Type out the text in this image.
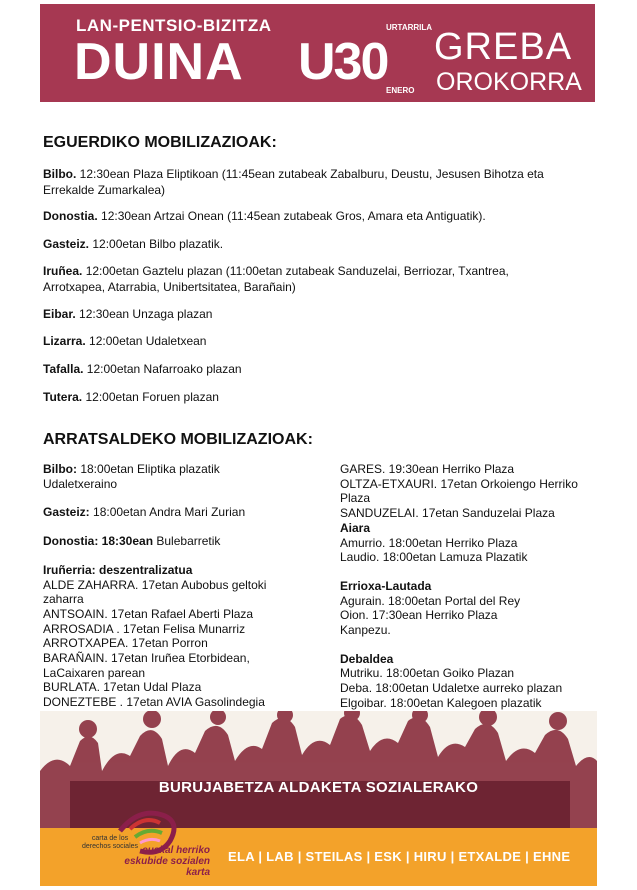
LAN-PENTSIO-BIZITZA
DUINA
URTARRILA
U30
ENERO
GREBA
OROKORRA
EGUERDIKO MOBILIZAZIOAK:
Bilbo. 12:30ean Plaza Eliptikoan (11:45ean zutabeak Zabalburu, Deustu, Jesusen Bihotza eta
Errekalde Zumarkalea)
Donostia. 12:30ean Artzai Onean (11:45ean zutabeak Gros, Amara eta Antiguatik).
Gasteiz. 12:00etan Bilbo plazatik.
Iruñea. 12:00etan Gaztelu plazan (11:00etan zutabeak Sanduzelai, Berriozar, Txantrea,
Arrotxapea, Atarrabia, Unibertsitatea, Barañain)
Eibar. 12:30ean Unzaga plazan
Lizarra. 12:00etan Udaletxean
Tafalla. 12:00etan Nafarroako plazan
Tutera. 12:00etan Foruen plazan
ARRATSALDEKO MOBILIZAZIOAK:
Bilbo: 18:00etan Eliptika plazatik
Udaletxeraino
Gasteiz: 18:00etan Andra Mari Zurian
Donostia: 18:30ean Bulebarretik
Iruñerria: deszentralizatua
ALDE ZAHARRA. 17etan Aubobus geltoki
zaharra
ANTSOAIN. 17etan Rafael Aberti Plaza
ARROSADIA . 17etan Felisa Munarriz
ARROTXAPEA. 17etan Porron
BARAÑAIN. 17etan Iruñea Etorbidean,
LaCaixaren parean
BURLATA. 17etan Udal Plaza
DONEZTEBE . 17etan AVIA Gasolindegia
GARES. 19:30ean Herriko Plaza
OLTZA-ETXAURI. 17etan Orkoiengo Herriko
Plaza
SANDUZELAI. 17etan Sanduzelai Plaza
Aiara
Amurrio. 18:00etan Herriko Plaza
Laudio. 18:00etan Lamuza Plazatik
Errioxa-Lautada
Agurain. 18:00etan Portal del Rey
Oion. 17:30ean Herriko Plaza
Kanpezu.
Debaldea
Mutriku. 18:00etan Goiko Plazan
Deba. 18:00etan Udaletxe aurreko plazan
Elgoibar. 18:00etan Kalegoen plazatik
BURUJABETZA ALDAKETA SOZIALERAKO
carta de los derechos sociales euskal herriko eskubide sozialen karta
ELA | LAB | STEILAS | ESK | HIRU | ETXALDE | EHNE
